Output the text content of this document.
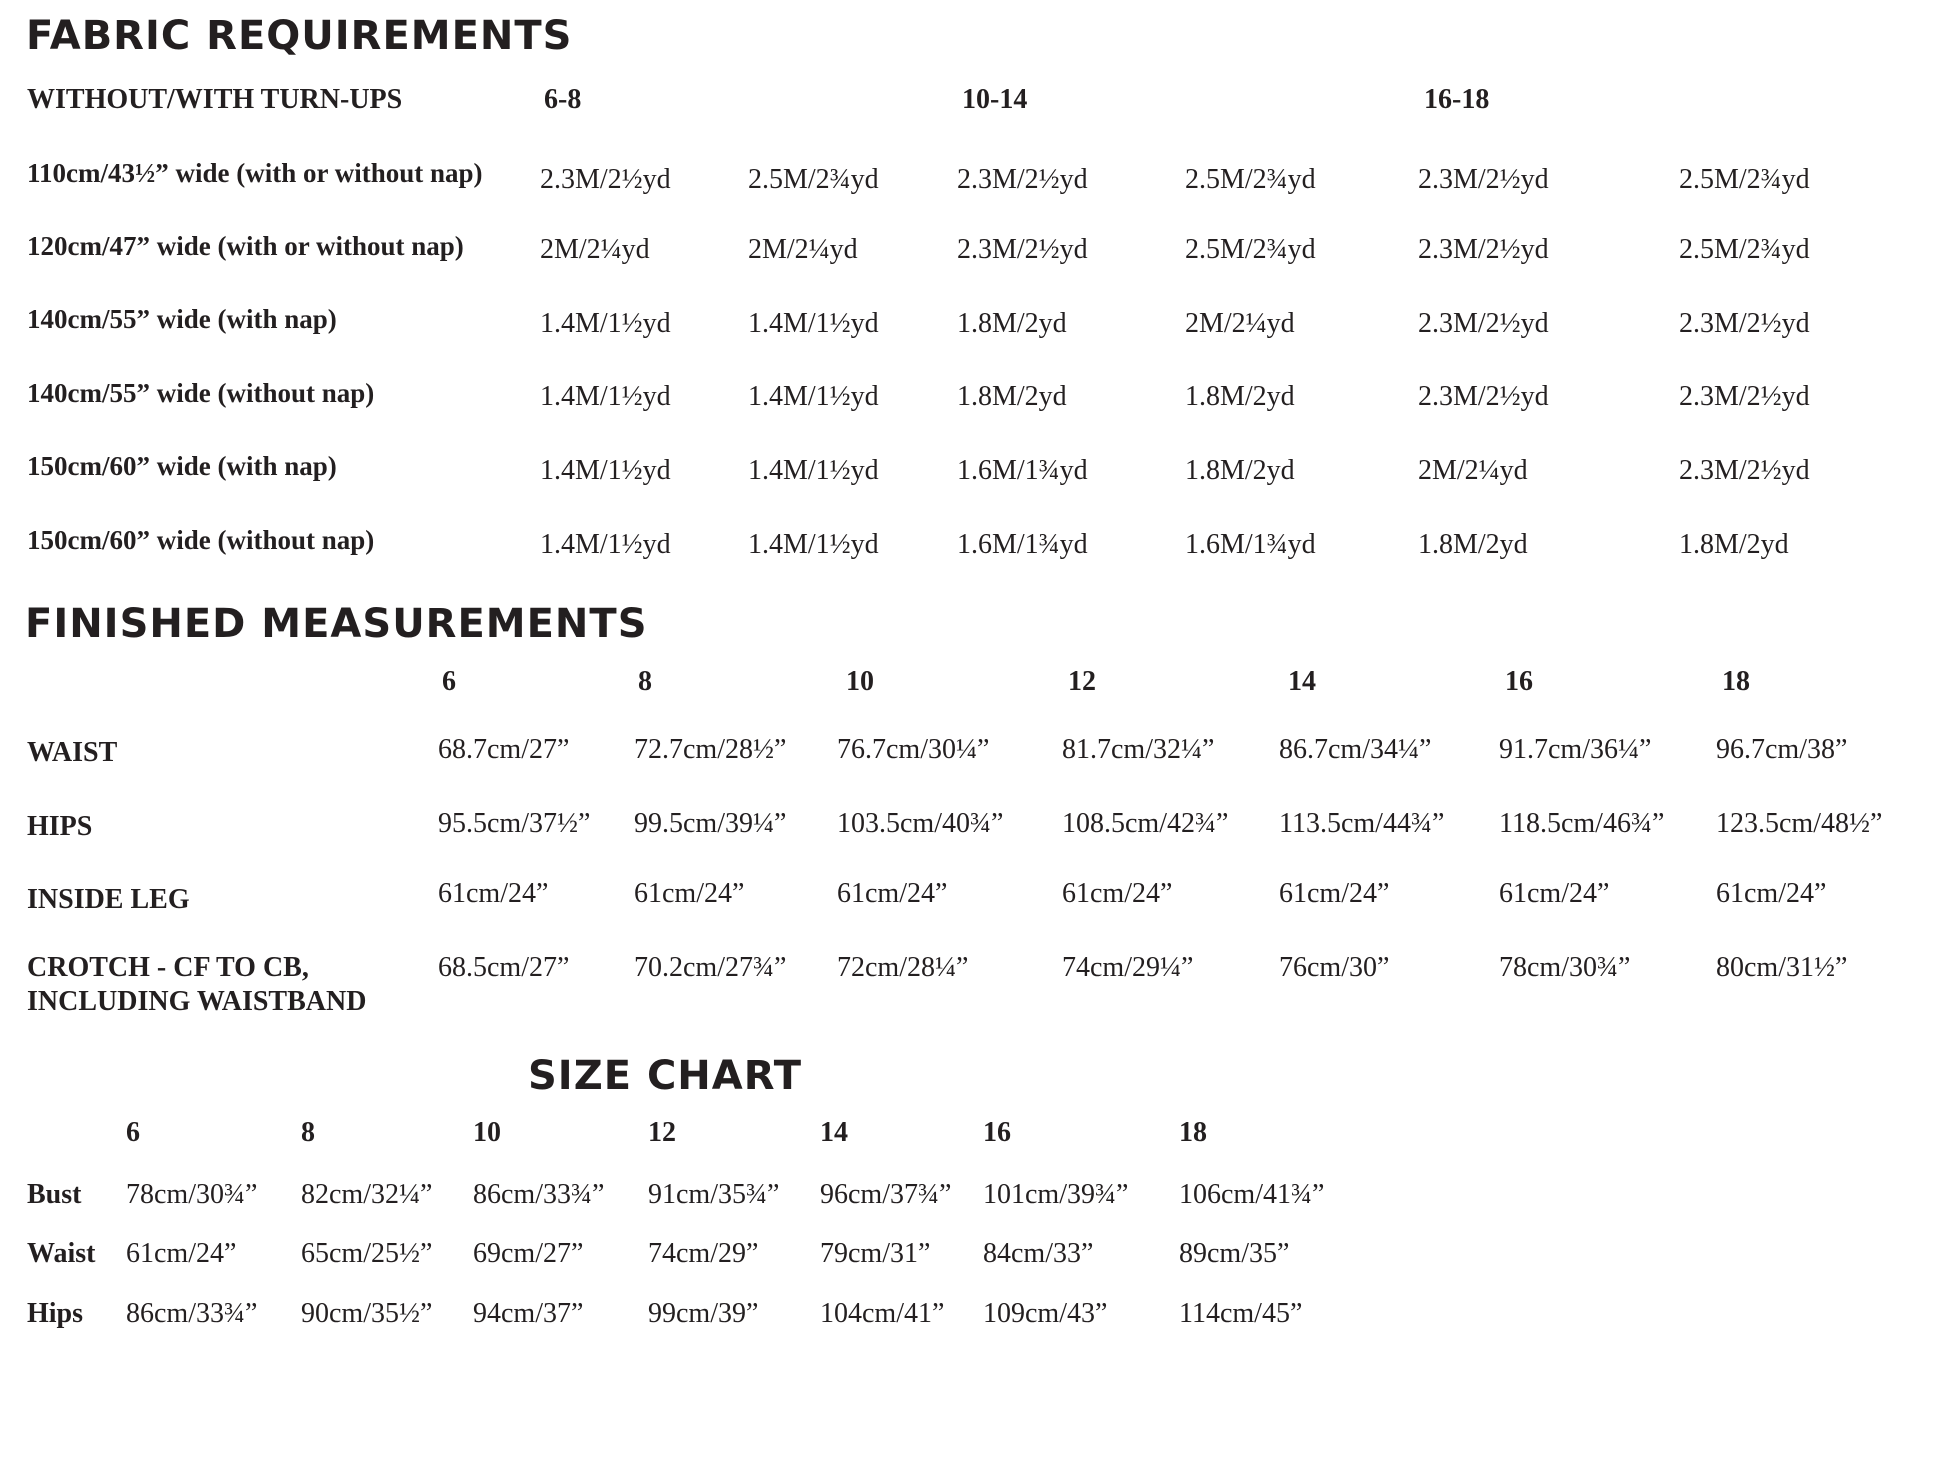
FABRIC REQUIREMENTS
WITHOUT/WITH TURN-UPS	6-8	10-14	16-18
110cm/43½” wide (with or without nap) 2.3M/2½yd	2.5M/2¾yd	2.3M/2½yd	2.5M/2¾yd	2.3M/2½yd	2.5M/2¾yd
120cm/47” wide (with or without nap)	2M/2¼yd	2M/2¼yd	2.3M/2½yd	2.5M/2¾yd	2.3M/2½yd	2.5M/2¾yd
140cm/55” wide (with nap)	1.4M/1½yd	1.4M/1½yd	1.8M/2yd	2M/2¼yd	2.3M/2½yd	2.3M/2½yd
140cm/55” wide (without nap)	1.4M/1½yd	1.4M/1½yd	1.8M/2yd	1.8M/2yd	2.3M/2½yd	2.3M/2½yd
150cm/60” wide (with nap)	1.4M/1½yd	1.4M/1½yd	1.6M/1¾yd	1.8M/2yd	2M/2¼yd	2.3M/2½yd
150cm/60” wide (without nap)	1.4M/1½yd	1.4M/1½yd	1.6M/1¾yd	1.6M/1¾yd	1.8M/2yd	1.8M/2yd
FINISHED MEASUREMENTS
6	8	10	12	14	16	18
WAIST	68.7cm/27” 72.7cm/28½” 76.7cm/30¼”	81.7cm/32¼” 86.7cm/34¼” 91.7cm/36¼” 96.7cm/38”
HIPS	95.5cm/37½” 99.5cm/39¼” 103.5cm/40¾” 108.5cm/42¾” 113.5cm/44¾” 118.5cm/46¾” 123.5cm/48½”
INSIDE LEG	61cm/24”	61cm/24”	61cm/24”	61cm/24”	61cm/24”	61cm/24”	61cm/24”
CROTCH - CF TO CB,
INCLUDING WAISTBAND
68.5cm/27” 70.2cm/27¾” 72cm/28¼”	74cm/29¼”	76cm/30”	78cm/30¾”	80cm/31½”
SIZE CHART
6	8	10	12	14	16	18
Bust 78cm/30¾” 82cm/32¼” 86cm/33¾” 91cm/35¾” 96cm/37¾” 101cm/39¾” 106cm/41¾”
Waist 61cm/24” 65cm/25½” 69cm/27” 74cm/29” 79cm/31” 84cm/33”	89cm/35”
Hips 86cm/33¾” 90cm/35½” 94cm/37” 99cm/39” 104cm/41” 109cm/43”	114cm/45”
